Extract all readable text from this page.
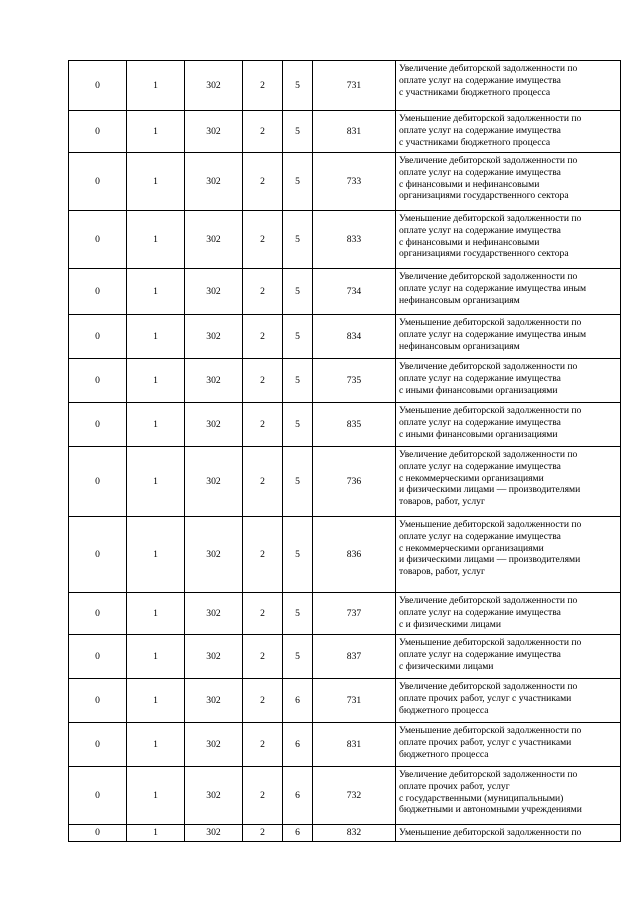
0	1	302	2	5	731	Увеличение дебиторской задолженности по
оплате услуг на содержание имущества
с участниками бюджетного процесса
0	1	302	2	5	831	Уменьшение дебиторской задолженности по
оплате услуг на содержание имущества
с участниками бюджетного процесса
0	1	302	2	5	733	Увеличение дебиторской задолженности по
оплате услуг на содержание имущества
с финансовыми и нефинансовыми
организациями государственного сектора
0	1	302	2	5	833	Уменьшение дебиторской задолженности по
оплате услуг на содержание имущества
с финансовыми и нефинансовыми
организациями государственного сектора
0	1	302	2	5	734	Увеличение дебиторской задолженности по
оплате услуг на содержание имущества иным
нефинансовым организациям
0	1	302	2	5	834	Уменьшение дебиторской задолженности по
оплате услуг на содержание имущества иным
нефинансовым организациям
0	1	302	2	5	735	Увеличение дебиторской задолженности по
оплате услуг на содержание имущества
с иными финансовыми организациями
0	1	302	2	5	835	Уменьшение дебиторской задолженности по
оплате услуг на содержание имущества
с иными финансовыми организациями
0	1	302	2	5	736	Увеличение дебиторской задолженности по
оплате услуг на содержание имущества
с некоммерческими организациями
и физическими лицами — производителями
товаров, работ, услуг
0	1	302	2	5	836	Уменьшение дебиторской задолженности по
оплате услуг на содержание имущества
с некоммерческими организациями
и физическими лицами — производителями
товаров, работ, услуг
0	1	302	2	5	737	Увеличение дебиторской задолженности по
оплате услуг на содержание имущества
с и физическими лицами
0	1	302	2	5	837	Уменьшение дебиторской задолженности по
оплате услуг на содержание имущества
с физическими лицами
0	1	302	2	6	731	Увеличение дебиторской задолженности по
оплате прочих работ, услуг с участниками
бюджетного процесса
0	1	302	2	6	831	Уменьшение дебиторской задолженности по
оплате прочих работ, услуг с участниками
бюджетного процесса
0	1	302	2	6	732	Увеличение дебиторской задолженности по
оплате прочих работ, услуг
с государственными (муниципальными)
бюджетными и автономными учреждениями
0	1	302	2	6	832	Уменьшение дебиторской задолженности по
